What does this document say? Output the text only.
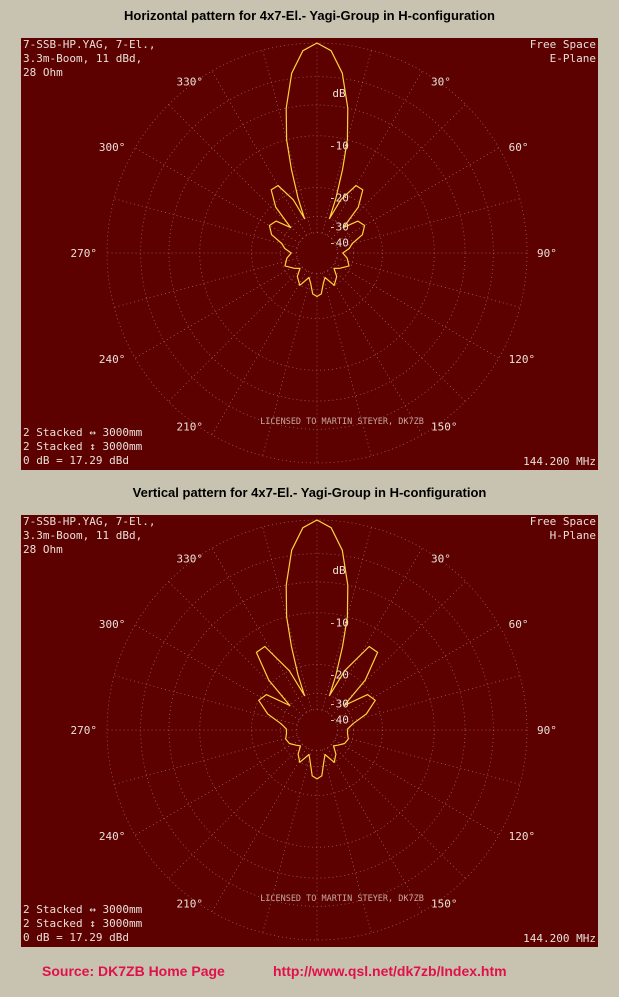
Horizontal pattern for 4x7-El.- Yagi-Group in H-configuration
dB
-10
-20
-30
-40
30°
60°
90°
120°
150°
210°
240°
270°
300°
330°
7-SSB-HP.YAG, 7-El.,
3.3m-Boom, 11 dBd,
28 Ohm
Free Space
E-Plane
2 Stacked ↔ 3000mm
2 Stacked ↕ 3000mm
0 dB = 17.29 dBd	144.200 MHz
LICENSED TO MARTIN STEYER, DK7ZB
Vertical pattern for 4x7-El.- Yagi-Group in H-configuration
dB
-10
-20
-30
-40
30°
60°
90°
120°
150°
210°
240°
270°
300°
330°
7-SSB-HP.YAG, 7-El.,
3.3m-Boom, 11 dBd,
28 Ohm
Free Space
H-Plane
2 Stacked ↔ 3000mm
2 Stacked ↕ 3000mm
0 dB = 17.29 dBd	144.200 MHz
LICENSED TO MARTIN STEYER, DK7ZB
Source: DK7ZB Home Page	http://www.qsl.net/dk7zb/Index.htm
